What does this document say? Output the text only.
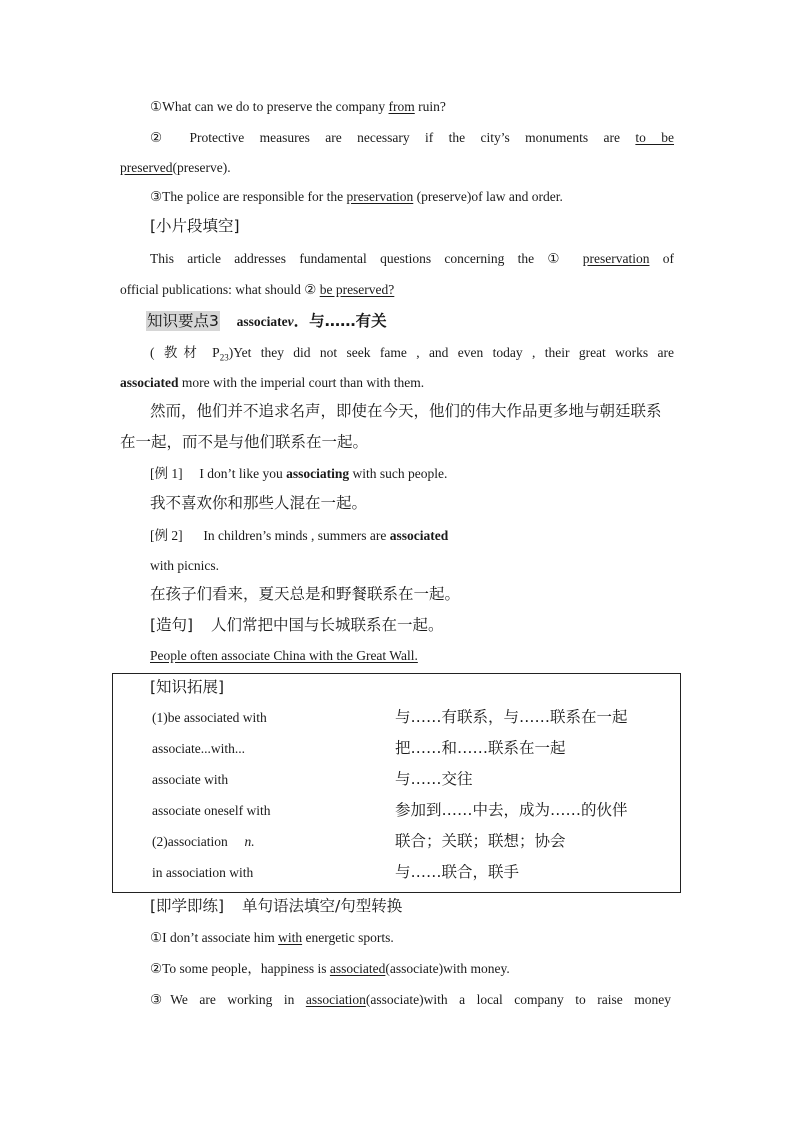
①What can we do to preserve the company from ruin?
② Protective measures are necessary if the city’s monuments are to be
preserved(preserve).
③The police are responsible for the preservation (preserve)of law and order.
[小片段填空]
This article addresses fundamental questions concerning the ① preservation of
official publications: what should ② be preserved?
知识要点3 associatev．与……有关
( 教材 $P_{23})Yet$ they did not seek fame , and even today , their great works are
associated more with the imperial court than with them.
然而，他们并不追求名声，即使在今天，他们的伟大作品更多地与朝廷联系
在一起，而不是与他们联系在一起。
[例 1] I don’t like you associating with such people.
我不喜欢你和那些人混在一起。
[例 2] In children’s minds , summers are associated
with picnics.
在孩子们看来，夏天总是和野餐联系在一起。
[造句] 人们常把中国与长城联系在一起。
People often associate China with the Great Wall.
[知识拓展]
(1)be associated with	与……有联系，与……联系在一起
associate...with...	把……和……联系在一起
associate with	与……交往
associate oneself with	参加到……中去，成为……的伙伴
(2)association n.	联合；关联；联想；协会
in association with	与……联合，联手
[即学即练] 单句语法填空/句型转换
①I don’t associate him with energetic sports.
②To some people，happiness is associated(associate)with money.
③We are working in association(associate)with a local company to raise money
